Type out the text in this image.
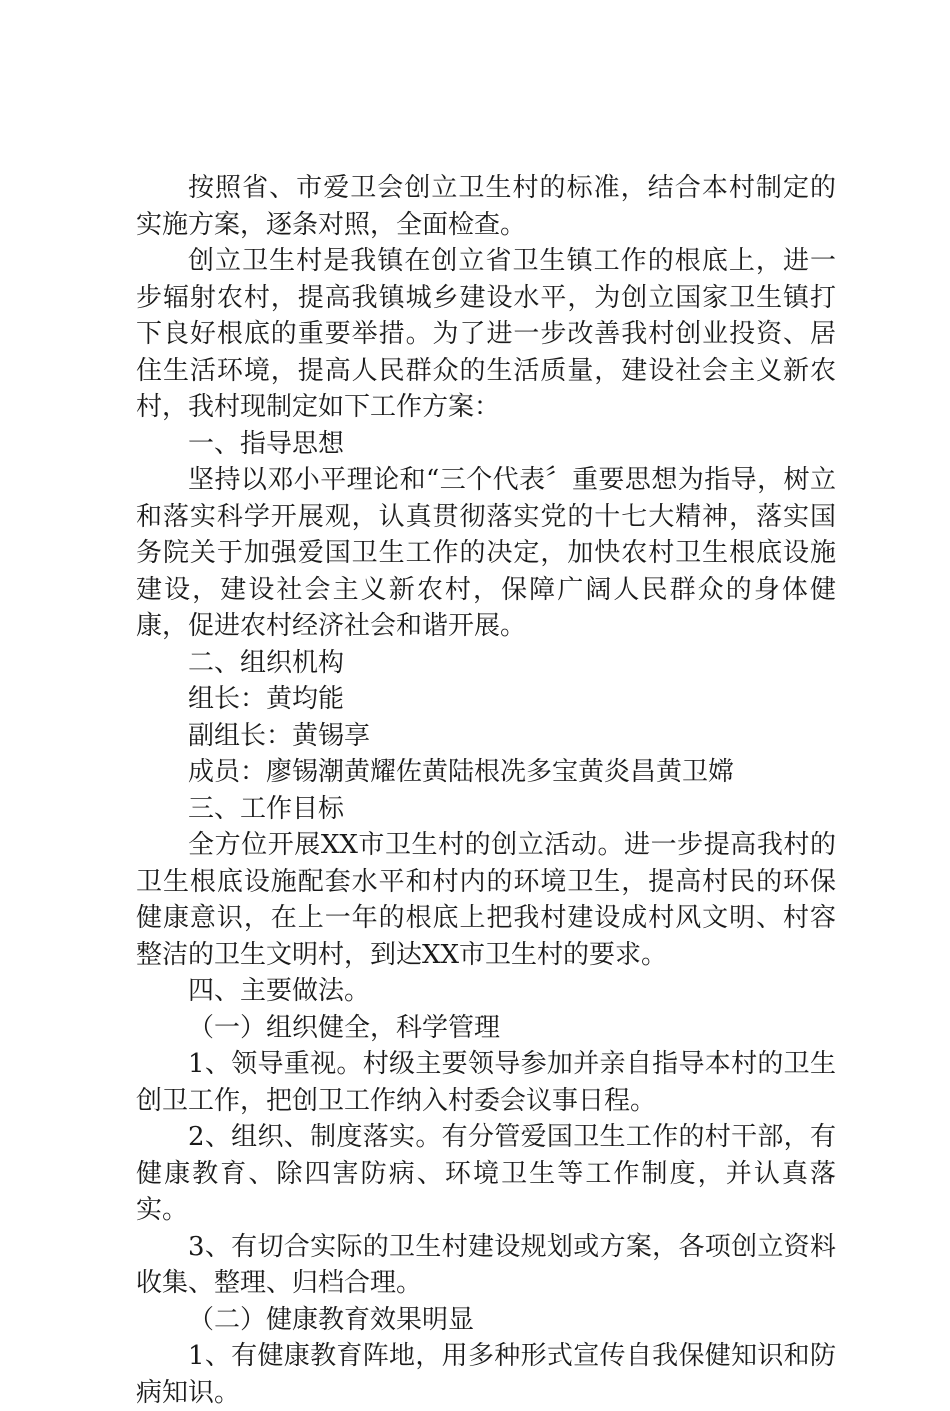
按照省、市爱卫会创立卫生村的标准，结合本村制定的实施方案，逐条对照，全面检查。

创立卫生村是我镇在创立省卫生镇工作的根底上，进一步辐射农村，提高我镇城乡建设水平，为创立国家卫生镇打下良好根底的重要举措。为了进一步改善我村创业投资、居住生活环境，提高人民群众的生活质量，建设社会主义新农村，我村现制定如下工作方案：

一、指导思想

坚持以邓小平理论和“三个代表〞重要思想为指导，树立和落实科学开展观，认真贯彻落实党的十七大精神，落实国务院关于加强爱国卫生工作的决定，加快农村卫生根底设施建设，建设社会主义新农村，保障广阔人民群众的身体健康，促进农村经济社会和谐开展。

二、组织机构

组长：黄均能

副组长：黄锡享

成员：廖锡潮黄耀佐黄陆根冼多宝黄炎昌黄卫嫦

三、工作目标

全方位开展XX市卫生村的创立活动。进一步提高我村的卫生根底设施配套水平和村内的环境卫生，提高村民的环保健康意识，在上一年的根底上把我村建设成村风文明、村容整洁的卫生文明村，到达XX市卫生村的要求。

四、主要做法。

（一）组织健全，科学管理

1、领导重视。村级主要领导参加并亲自指导本村的卫生创卫工作，把创卫工作纳入村委会议事日程。

2、组织、制度落实。有分管爱国卫生工作的村干部，有健康教育、除四害防病、环境卫生等工作制度，并认真落实。

3、有切合实际的卫生村建设规划或方案，各项创立资料收集、整理、归档合理。

（二）健康教育效果明显

1、有健康教育阵地，用多种形式宣传自我保健知识和防病知识。
